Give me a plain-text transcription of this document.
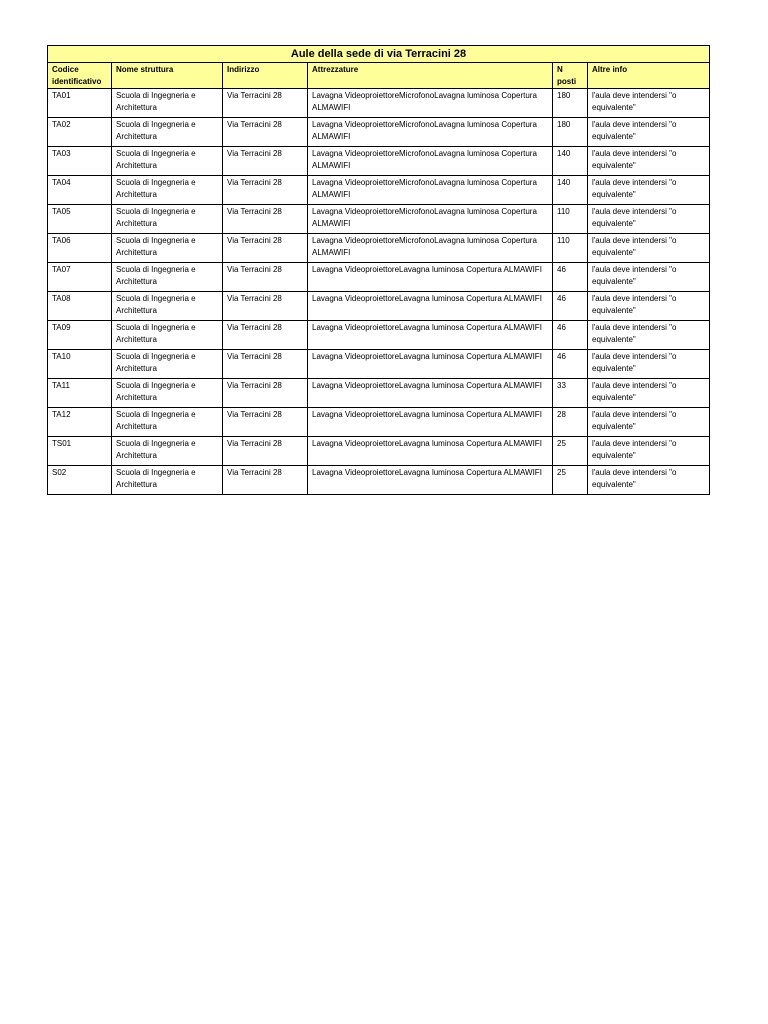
Aule della sede di via Terracini 28					
Codice identificativo	Nome struttura	Indirizzo	Attrezzature	N posti	Altre info
TA01	Scuola di Ingegneria e Architettura	Via Terracini 28	Lavagna VideoproiettoreMicrofonoLavagna luminosa Copertura ALMAWIFI	180	l'aula deve intendersi "o equivalente"
TA02	Scuola di Ingegneria e Architettura	Via Terracini 28	Lavagna VideoproiettoreMicrofonoLavagna luminosa Copertura ALMAWIFI	180	l'aula deve intendersi "o equivalente"
TA03	Scuola di Ingegneria e Architettura	Via Terracini 28	Lavagna VideoproiettoreMicrofonoLavagna luminosa Copertura ALMAWIFI	140	l'aula deve intendersi "o equivalente"
TA04	Scuola di Ingegneria e Architettura	Via Terracini 28	Lavagna VideoproiettoreMicrofonoLavagna luminosa Copertura ALMAWIFI	140	l'aula deve intendersi "o equivalente"
TA05	Scuola di Ingegneria e Architettura	Via Terracini 28	Lavagna VideoproiettoreMicrofonoLavagna luminosa Copertura ALMAWIFI	110	l'aula deve intendersi "o equivalente"
TA06	Scuola di Ingegneria e Architettura	Via Terracini 28	Lavagna VideoproiettoreMicrofonoLavagna luminosa Copertura ALMAWIFI	110	l'aula deve intendersi "o equivalente"
TA07	Scuola di Ingegneria e Architettura	Via Terracini 28	Lavagna VideoproiettoreLavagna luminosa Copertura ALMAWIFI	46	l'aula deve intendersi "o equivalente"
TA08	Scuola di Ingegneria e Architettura	Via Terracini 28	Lavagna VideoproiettoreLavagna luminosa Copertura ALMAWIFI	46	l'aula deve intendersi "o equivalente"
TA09	Scuola di Ingegneria e Architettura	Via Terracini 28	Lavagna VideoproiettoreLavagna luminosa Copertura ALMAWIFI	46	l'aula deve intendersi "o equivalente"
TA10	Scuola di Ingegneria e Architettura	Via Terracini 28	Lavagna VideoproiettoreLavagna luminosa Copertura ALMAWIFI	46	l'aula deve intendersi "o equivalente"
TA11	Scuola di Ingegneria e Architettura	Via Terracini 28	Lavagna VideoproiettoreLavagna luminosa Copertura ALMAWIFI	33	l'aula deve intendersi "o equivalente"
TA12	Scuola di Ingegneria e Architettura	Via Terracini 28	Lavagna VideoproiettoreLavagna luminosa Copertura ALMAWIFI	28	l'aula deve intendersi "o equivalente"
TS01	Scuola di Ingegneria e Architettura	Via Terracini 28	Lavagna VideoproiettoreLavagna luminosa Copertura ALMAWIFI	25	l'aula deve intendersi "o equivalente"
S02	Scuola di Ingegneria e Architettura	Via Terracini 28	Lavagna VideoproiettoreLavagna luminosa Copertura ALMAWIFI	25	l'aula deve intendersi "o equivalente"
